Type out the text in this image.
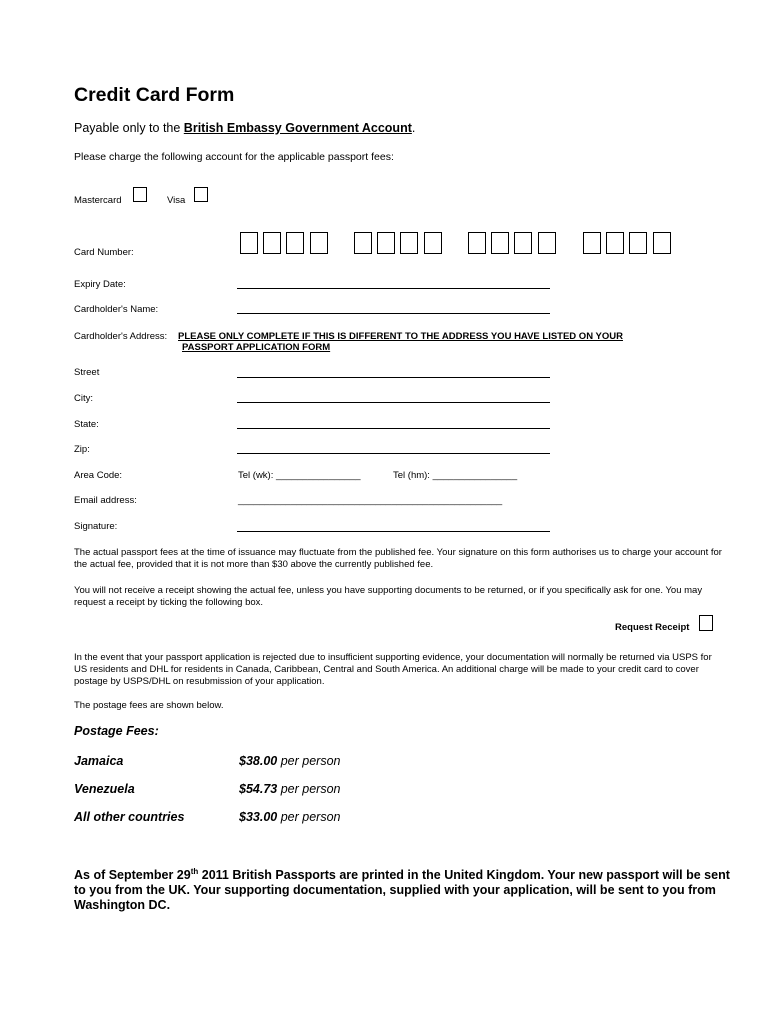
Credit Card Form
Payable only to the British Embassy Government Account.
Please charge the following account for the applicable passport fees:
Mastercard	Visa
Card Number:
Expiry Date:
Cardholder's Name:
Cardholder's Address: PLEASE ONLY COMPLETE IF THIS IS DIFFERENT TO THE ADDRESS YOU HAVE LISTED ON YOUR
PASSPORT APPLICATION FORM
Street
City:
State:
Zip:
Area Code:	Tel (wk): ________________	Tel (hm): ________________
Email address:	__________________________________________________
Signature:
The actual passport fees at the time of issuance may fluctuate from the published fee. Your signature on this form authorises us to charge your account for the actual fee, provided that it is not more than $30 above the currently published fee.
You will not receive a receipt showing the actual fee, unless you have supporting documents to be returned, or if you specifically ask for one. You may request a receipt by ticking the following box.
Request Receipt
In the event that your passport application is rejected due to insufficient supporting evidence, your documentation will normally be returned via USPS for US residents and DHL for residents in Canada, Caribbean, Central and South America. An additional charge will be made to your credit card to cover postage by USPS/DHL on resubmission of your application.
The postage fees are shown below.
Postage Fees:
Jamaica	$38.00 per person
Venezuela	$54.73 per person
All other countries	$33.00 per person
As of September 29th 2011 British Passports are printed in the United Kingdom. Your new passport will be sent to you from the UK. Your supporting documentation, supplied with your application, will be sent to you from Washington DC.
